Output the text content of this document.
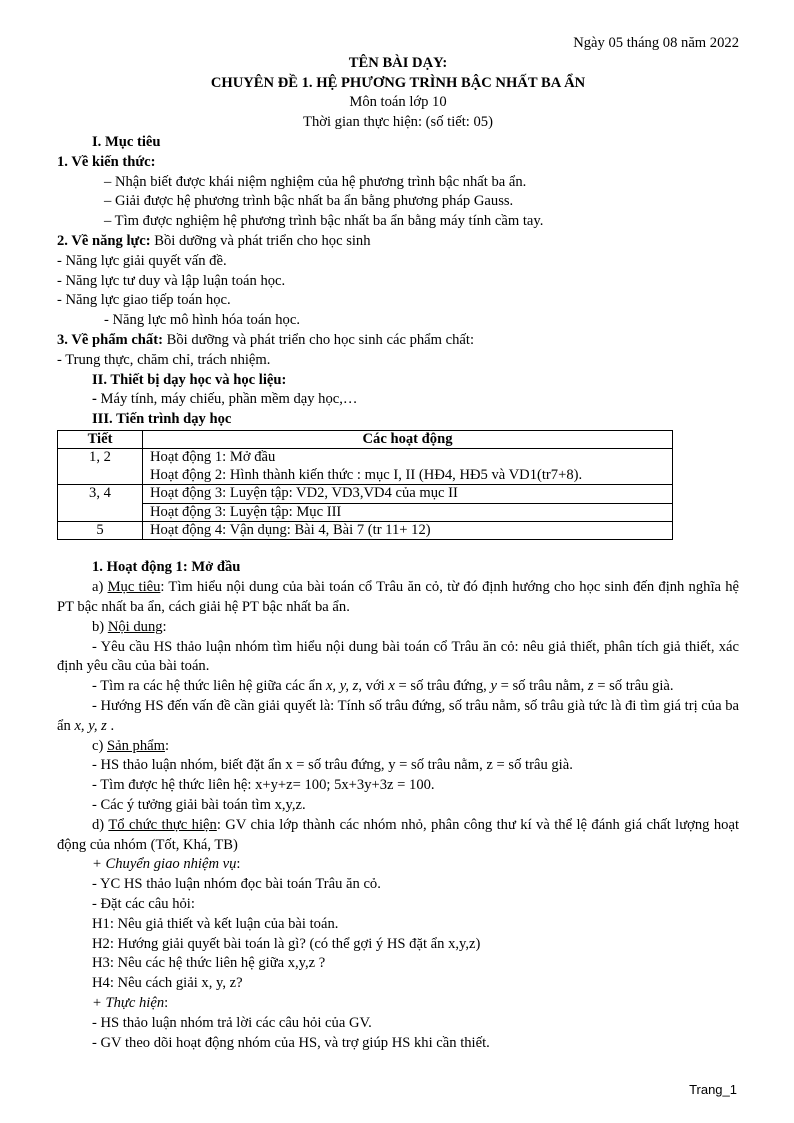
Ngày 05 tháng 08 năm 2022
TÊN BÀI DẠY:
CHUYÊN ĐỀ 1. HỆ PHƯƠNG TRÌNH BẬC NHẤT BA ẨN
Môn toán lớp 10
Thời gian thực hiện: (số tiết: 05)
I. Mục tiêu
1. Về kiến thức:
– Nhận biết được khái niệm nghiệm của hệ phương trình bậc nhất ba ẩn.
– Giải được hệ phương trình bậc nhất ba ẩn bằng phương pháp Gauss.
– Tìm được nghiệm hệ phương trình bậc nhất ba ẩn bằng máy tính cầm tay.
2. Về năng lực: Bồi dưỡng và phát triển cho học sinh
- Năng lực giải quyết vấn đề.
- Năng lực tư duy và lập luận toán học.
- Năng lực giao tiếp toán học.
- Năng lực mô hình hóa toán học.
3. Về phẩm chất: Bồi dưỡng và phát triển cho học sinh các phẩm chất:
- Trung thực, chăm chỉ, trách nhiệm.
II. Thiết bị dạy học và học liệu:
- Máy tính, máy chiếu, phần mềm dạy học,…
III. Tiến trình dạy học
Tiết	Các hoạt động
1, 2	Hoạt động 1: Mở đầu
Hoạt động 2: Hình thành kiến thức : mục I, II (HĐ4, HĐ5 và VD1(tr7+8).

3, 4	Hoạt động 3: Luyện tập: VD2, VD3,VD4 của mục II

	Hoạt động 3: Luyện tập: Mục III

5	Hoạt động 4: Vận dụng: Bài 4, Bài 7 (tr 11+ 12)
1. Hoạt động 1: Mở đầu
a) Mục tiêu: Tìm hiểu nội dung của bài toán cổ Trâu ăn cỏ, từ đó định hướng cho học sinh đến định nghĩa hệ PT bậc nhất ba ẩn, cách giải hệ PT bậc nhất ba ẩn.
b) Nội dung:
- Yêu cầu HS thảo luận nhóm tìm hiểu nội dung bài toán cổ Trâu ăn cỏ: nêu giả thiết, phân tích giả thiết, xác định yêu cầu của bài toán.
- Tìm ra các hệ thức liên hệ giữa các ẩn x, y, z, với x = số trâu đứng, y = số trâu nằm, z = số trâu già.
- Hướng HS đến vấn đề cần giải quyết là: Tính số trâu đứng, số trâu nằm, số trâu già tức là đi tìm giá trị của ba ẩn x, y, z .
c) Sản phẩm:
- HS thảo luận nhóm, biết đặt ẩn x = số trâu đứng, y = số trâu nằm, z = số trâu già.
- Tìm được hệ thức liên hệ: x+y+z= 100; 5x+3y+3z = 100.
- Các ý tưởng giải bài toán tìm x,y,z.
d) Tổ chức thực hiện: GV chia lớp thành các nhóm nhỏ, phân công thư kí và thể lệ đánh giá chất lượng hoạt động của nhóm (Tốt, Khá, TB)
+ Chuyển giao nhiệm vụ:
- YC HS thảo luận nhóm đọc bài toán Trâu ăn cỏ.
- Đặt các câu hỏi:
H1: Nêu giả thiết và kết luận của bài toán.
H2: Hướng giải quyết bài toán là gì? (có thể gợi ý HS đặt ẩn x,y,z)
H3: Nêu các hệ thức liên hệ giữa x,y,z ?
H4: Nêu cách giải x, y, z?
+ Thực hiện:
- HS thảo luận nhóm trả lời các câu hỏi của GV.
- GV theo dõi hoạt động nhóm của HS, và trợ giúp HS khi cần thiết.
Trang_1
